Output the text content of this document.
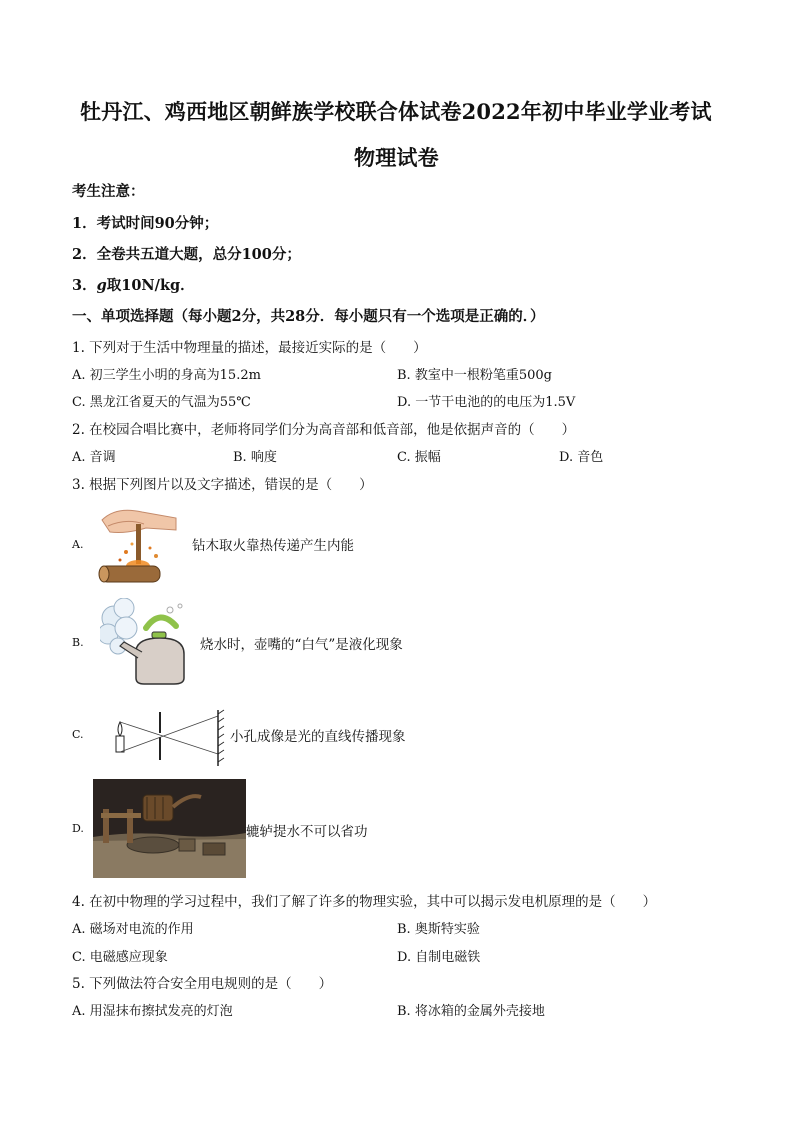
牡丹江、鸡西地区朝鲜族学校联合体试卷2022年初中毕业学业考试
物理试卷
考生注意：
1．考试时间90分钟；
2．全卷共五道大题，总分100分；
3．g取10N/kg．
一、单项选择题（每小题2分，共28分．每小题只有一个选项是正确的．）
1. 下列对于生活中物理量的描述，最接近实际的是（　　）
A. 初三学生小明的身高为15.2m	B. 教室中一根粉笔重500g
C. 黑龙江省夏天的气温为55℃	D. 一节干电池的的电压为1.5V
2. 在校园合唱比赛中，老师将同学们分为高音部和低音部，他是依据声音的（　　）
A. 音调	B. 响度	C. 振幅	D. 音色
3. 根据下列图片以及文字描述，错误的是（　　）
A.	钻木取火靠热传递产生内能
B.	烧水时，壶嘴的“白气”是液化现象
C.	小孔成像是光的直线传播现象
D.	辘轳提水不可以省功
4. 在初中物理的学习过程中，我们了解了许多的物理实验，其中可以揭示发电机原理的是（　　）
A. 磁场对电流的作用	B. 奥斯特实验
C. 电磁感应现象	D. 自制电磁铁
5. 下列做法符合安全用电规则的是（　　）
A. 用湿抹布擦拭发亮的灯泡	B. 将冰箱的金属外壳接地
